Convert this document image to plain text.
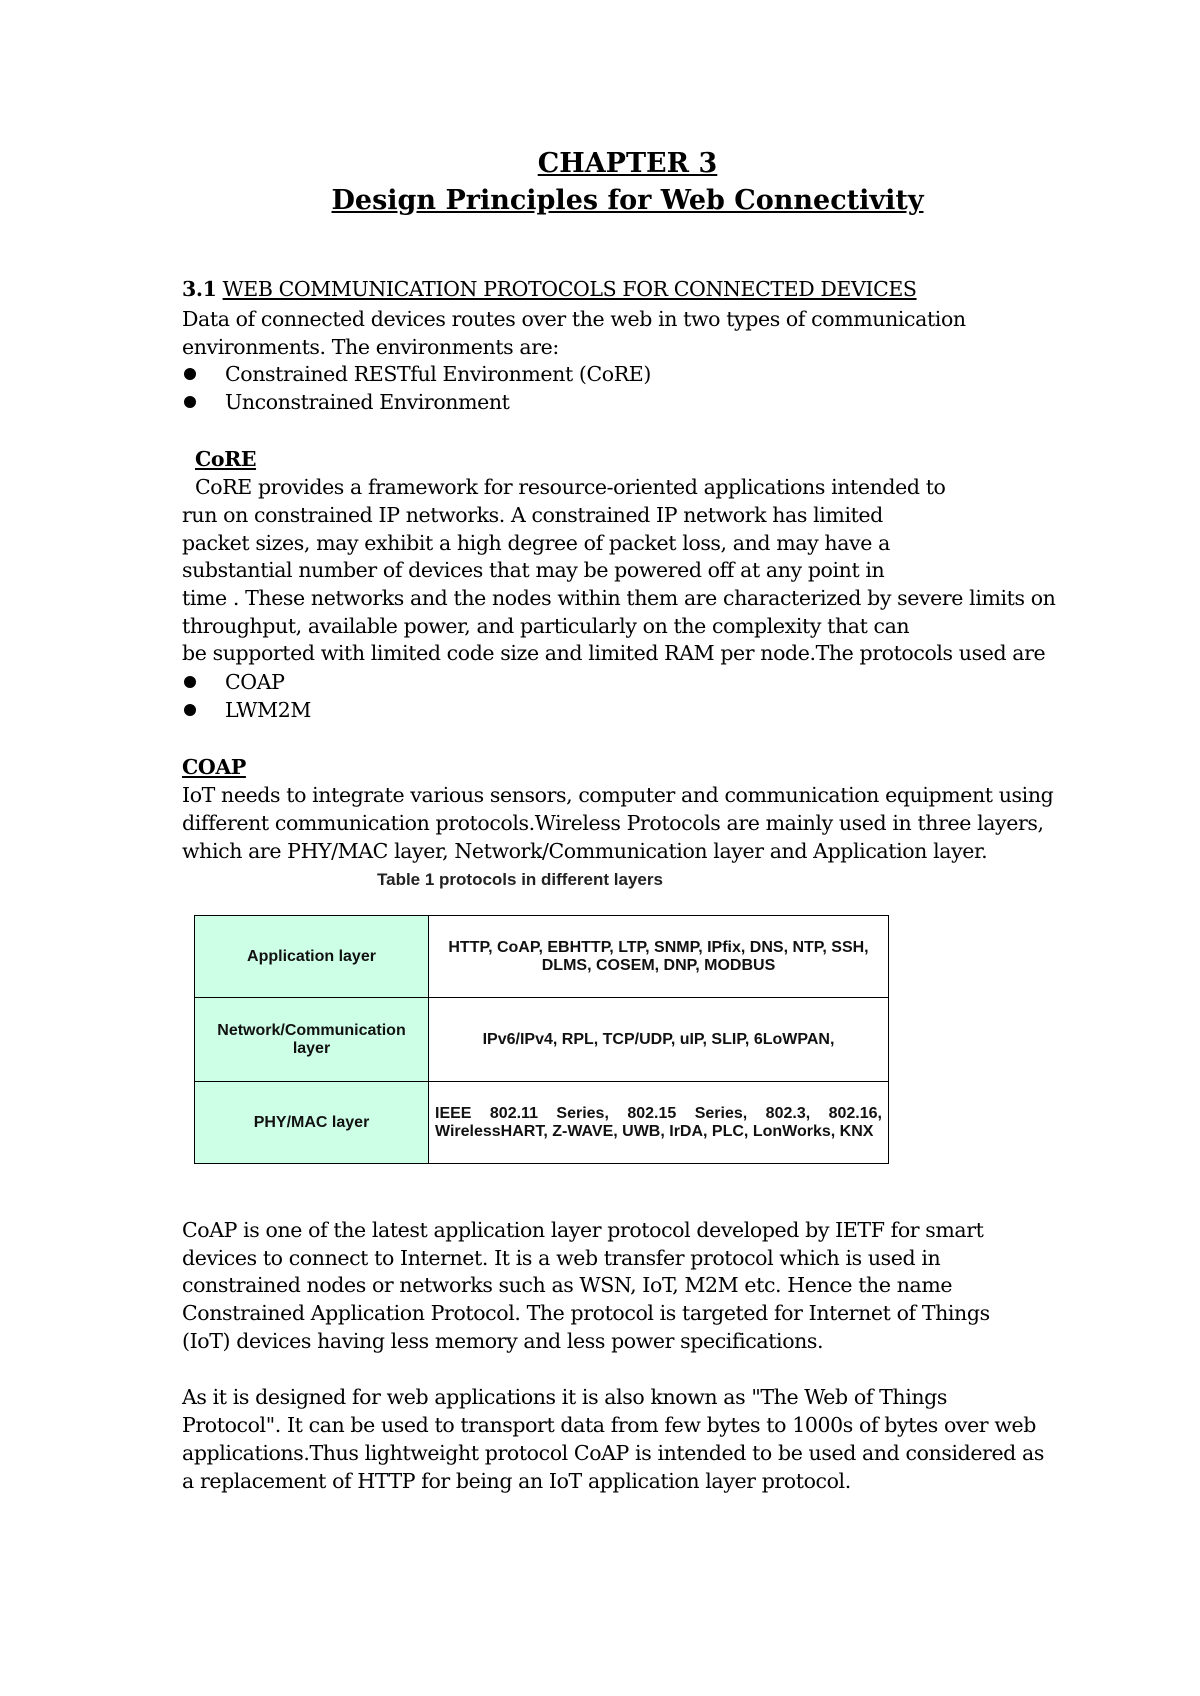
CHAPTER 3
Design Principles for Web Connectivity
3.1 WEB COMMUNICATION PROTOCOLS FOR CONNECTED DEVICES
Data of connected devices routes over the web in two types of communication
environments. The environments are:
Constrained RESTful Environment (CoRE)
Unconstrained Environment
CoRE
CoRE provides a framework for resource-oriented applications intended to
run on constrained IP networks. A constrained IP network has limited
packet sizes, may exhibit a high degree of packet loss, and may have a
substantial number of devices that may be powered off at any point in
time . These networks and the nodes within them are characterized by severe limits on
throughput, available power, and particularly on the complexity that can
be supported with limited code size and limited RAM per node.The protocols used are
COAP
LWM2M
COAP
IoT needs to integrate various sensors, computer and communication equipment using
different communication protocols.Wireless Protocols are mainly used in three layers,
which are PHY/MAC layer, Network/Communication layer and Application layer.
Table 1 protocols in different layers
Application layer	HTTP, CoAP, EBHTTP, LTP, SNMP, IPfix, DNS, NTP, SSH, DLMS, COSEM, DNP, MODBUS
Network/Communication layer	IPv6/IPv4, RPL, TCP/UDP, uIP, SLIP, 6LoWPAN,
PHY/MAC layer	IEEE 802.11 Series, 802.15 Series, 802.3, 802.16, WirelessHART, Z-WAVE, UWB, IrDA, PLC, LonWorks, KNX
CoAP is one of the latest application layer protocol developed by IETF for smart
devices to connect to Internet. It is a web transfer protocol which is used in
constrained nodes or networks such as WSN, IoT, M2M etc. Hence the name
Constrained Application Protocol. The protocol is targeted for Internet of Things
(IoT) devices having less memory and less power specifications.
As it is designed for web applications it is also known as "The Web of Things
Protocol". It can be used to transport data from few bytes to 1000s of bytes over web
applications.Thus lightweight protocol CoAP is intended to be used and considered as
a replacement of HTTP for being an IoT application layer protocol.
